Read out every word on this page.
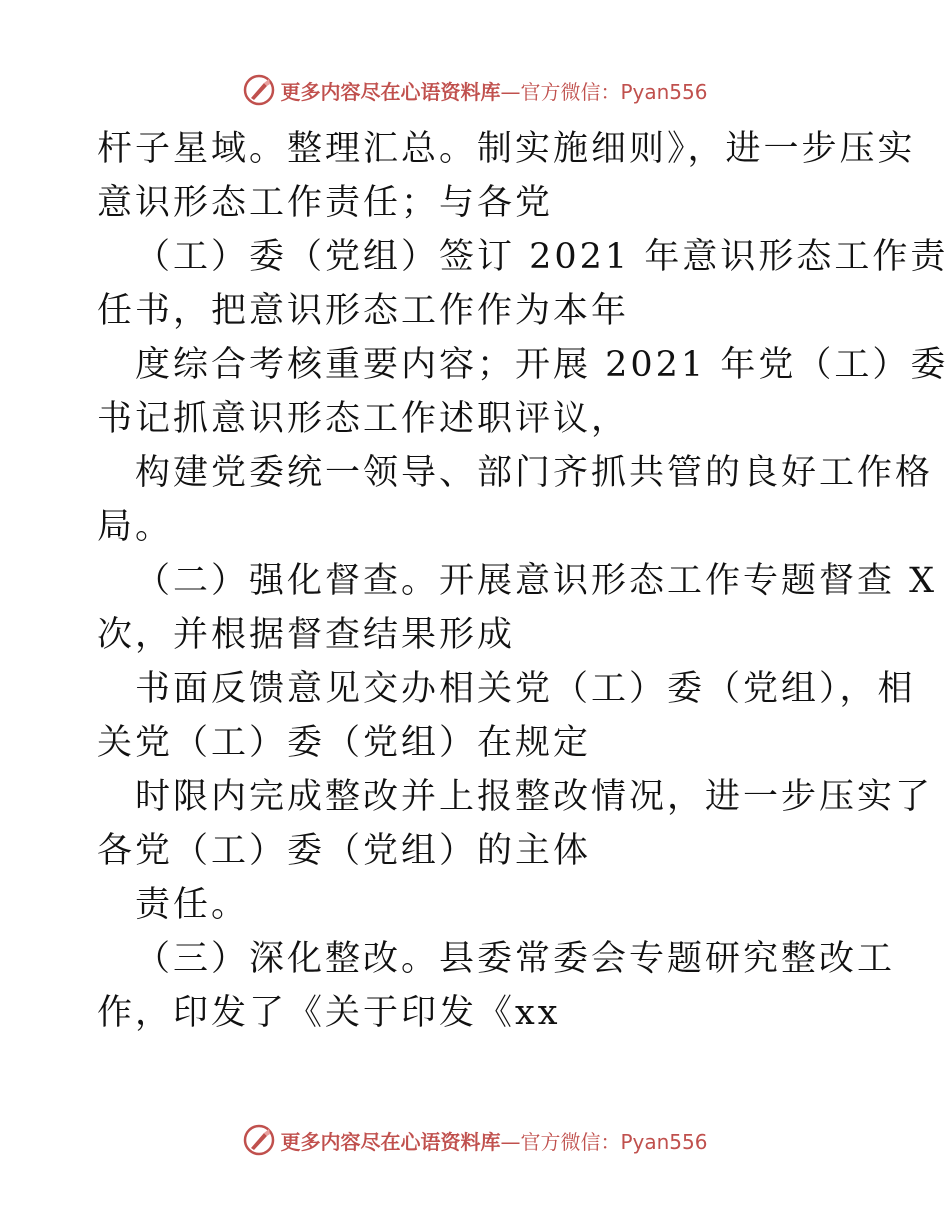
更多内容尽在心语资料库—官方微信：Pyan556
杆子星域。整理汇总。制实施细则》，进一步压实
意识形态工作责任；与各党
（工）委（党组）签订 2021 年意识形态工作责
任书，把意识形态工作作为本年
度综合考核重要内容；开展 2021 年党（工）委
书记抓意识形态工作述职评议，
构建党委统一领导、部门齐抓共管的良好工作格
局。
（二）强化督查。开展意识形态工作专题督查 X
次，并根据督查结果形成
书面反馈意见交办相关党（工）委（党组），相
关党（工）委（党组）在规定
时限内完成整改并上报整改情况，进一步压实了
各党（工）委（党组）的主体
责任。
（三）深化整改。县委常委会专题研究整改工
作，印发了《关于印发《xx
更多内容尽在心语资料库—官方微信：Pyan556
